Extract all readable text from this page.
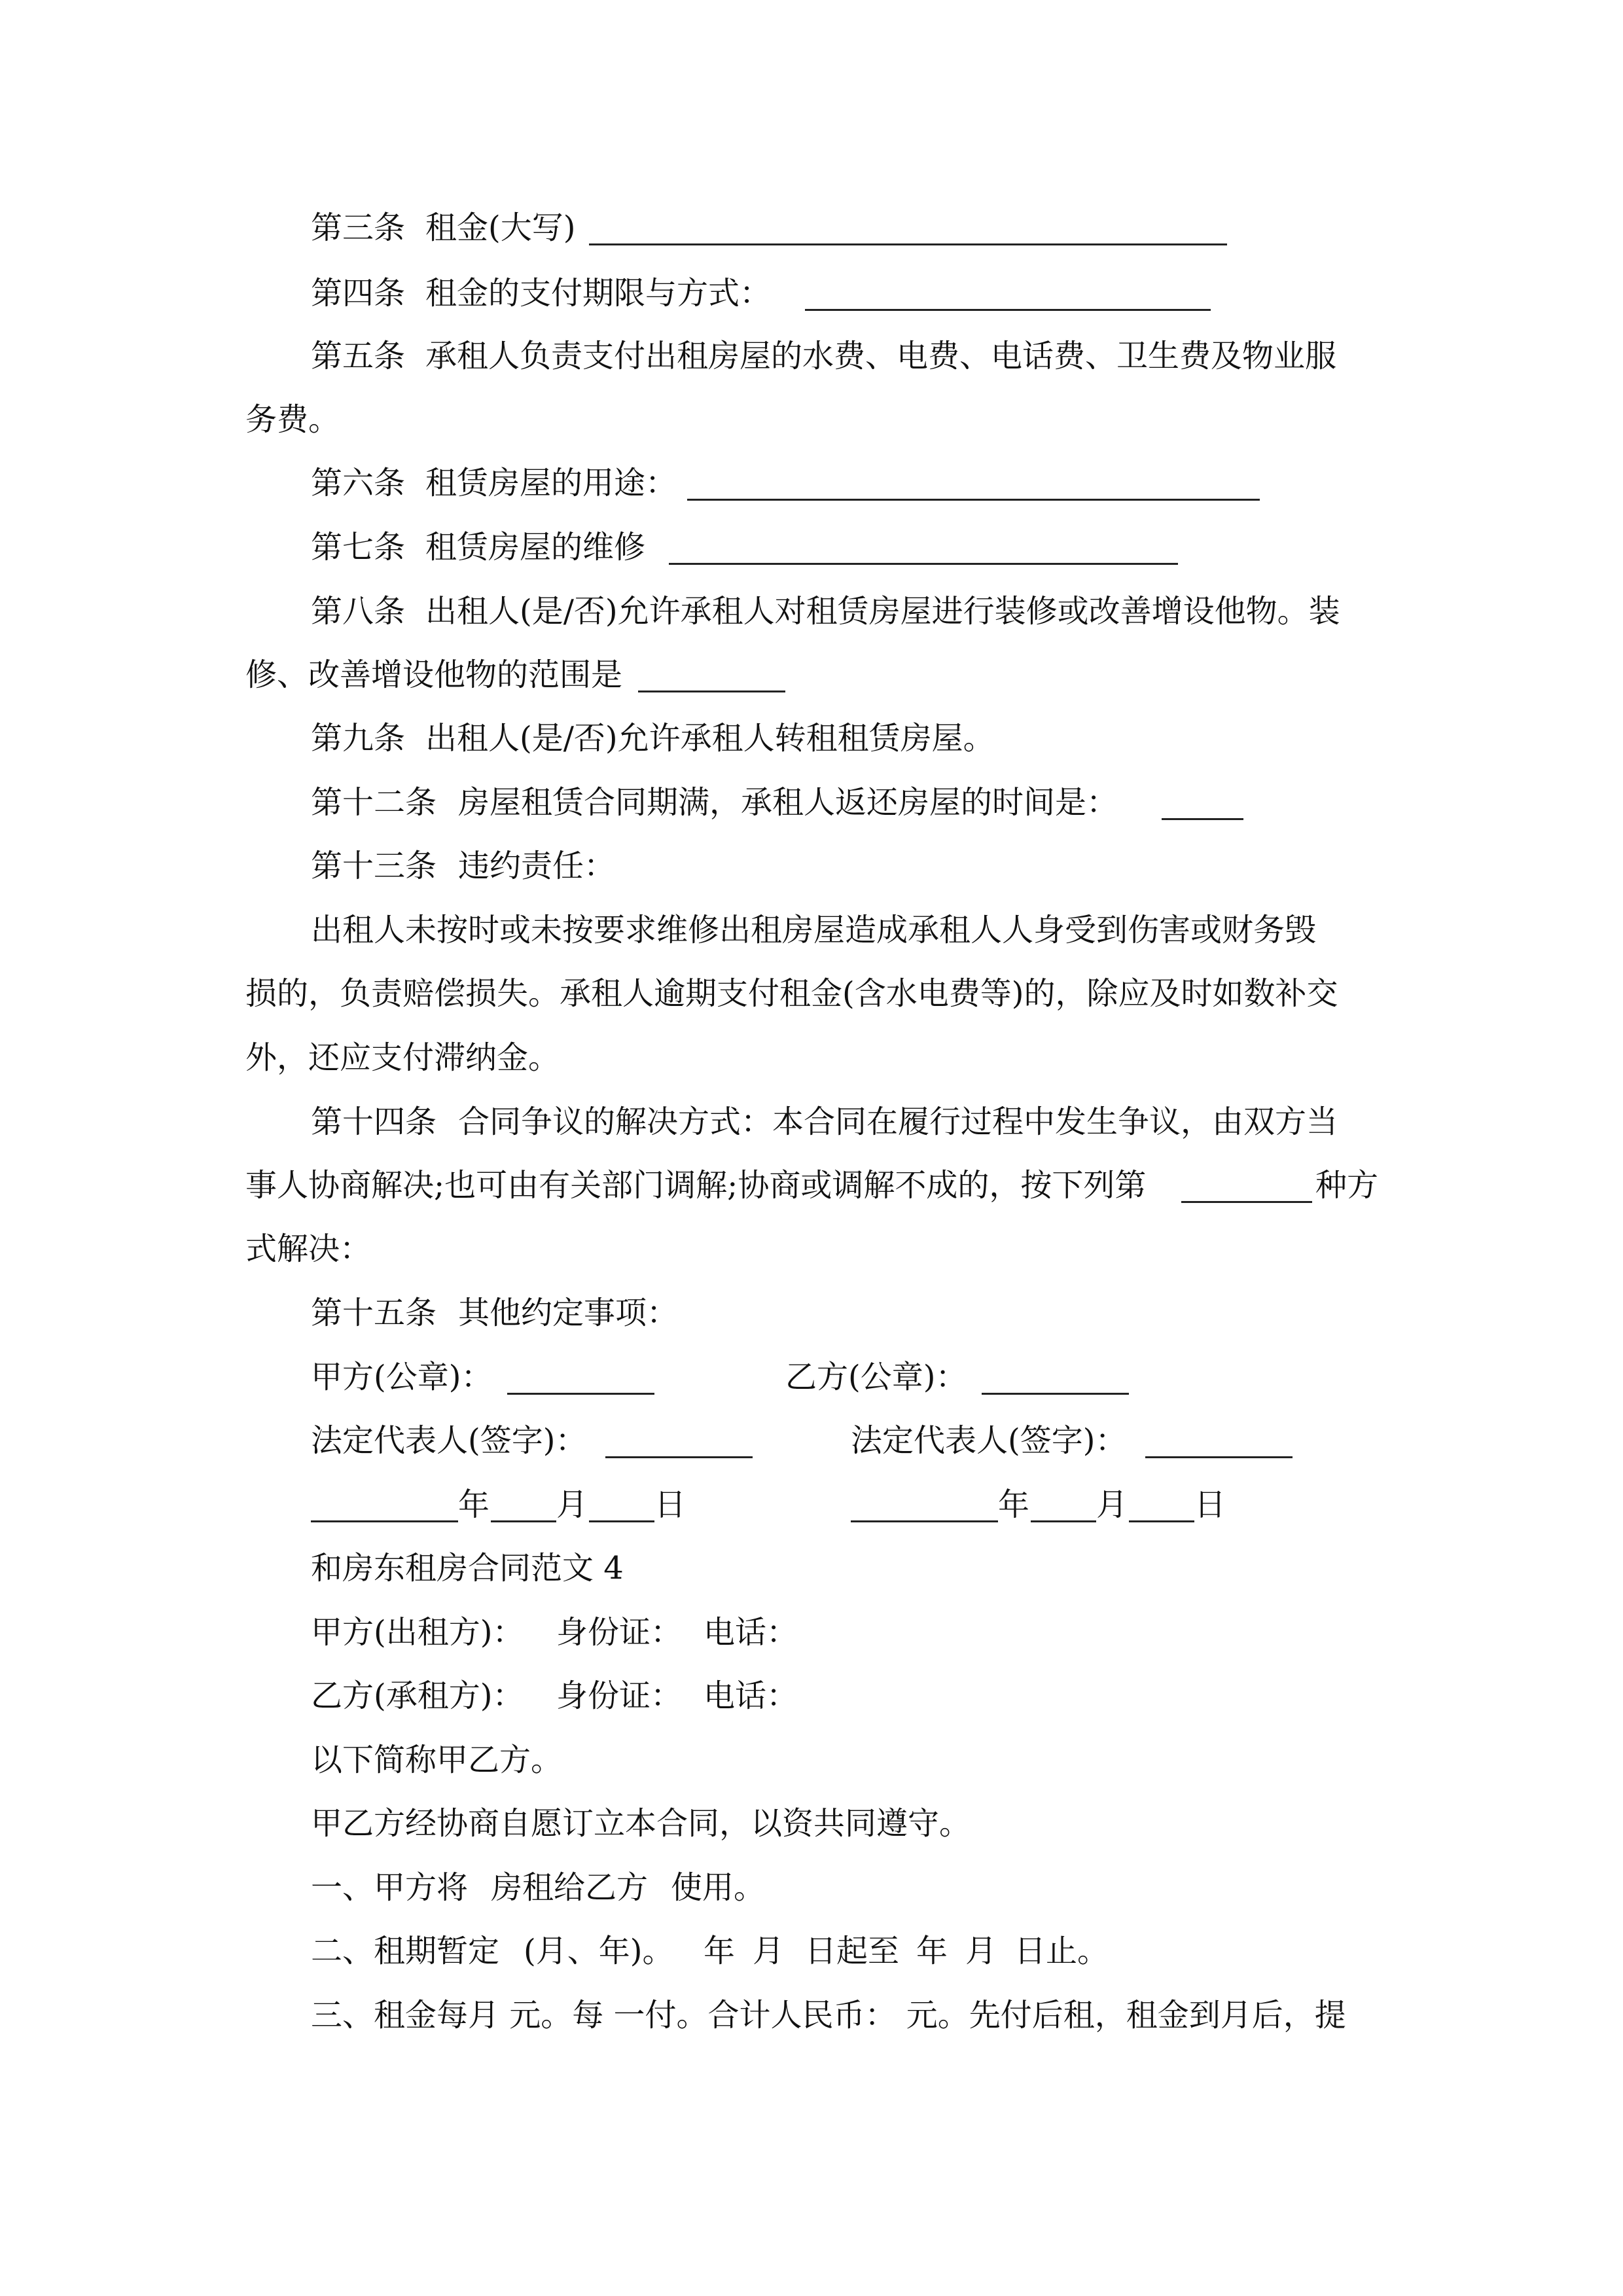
第三条 租金(大写)
第四条 租金的支付期限与方式：
第五条 承租人负责支付出租房屋的水费、电费、电话费、卫生费及物业服
务费。
第六条 租赁房屋的用途：
第七条 租赁房屋的维修
第八条 出租人(是/否)允许承租人对租赁房屋进行装修或改善增设他物。装
修、改善增设他物的范围是
第九条 出租人(是/否)允许承租人转租租赁房屋。
第十二条 房屋租赁合同期满，承租人返还房屋的时间是：
第十三条 违约责任：
出租人未按时或未按要求维修出租房屋造成承租人人身受到伤害或财务毁
损的，负责赔偿损失。承租人逾期支付租金(含水电费等)的，除应及时如数补交
外，还应支付滞纳金。
第十四条 合同争议的解决方式：本合同在履行过程中发生争议，由双方当
事人协商解决;也可由有关部门调解;协商或调解不成的，按下列第	种方
式解决：
第十五条 其他约定事项：
甲方(公章)：	乙方(公章)：
法定代表人(签字)：	法定代表人(签字)：
年 月 日	年 月 日
和房东租房合同范文 4
甲方(出租方)： 身份证： 电话：
乙方(承租方)： 身份证： 电话：
以下简称甲乙方。
甲乙方经协商自愿订立本合同，以资共同遵守。
一、甲方将 房租给乙方 使用。
二、租期暂定 (月、年)。 年 月 日起至 年 月 日止。
三、租金每月 元。每 一付。合计人民币： 元。先付后租，租金到月后，提
